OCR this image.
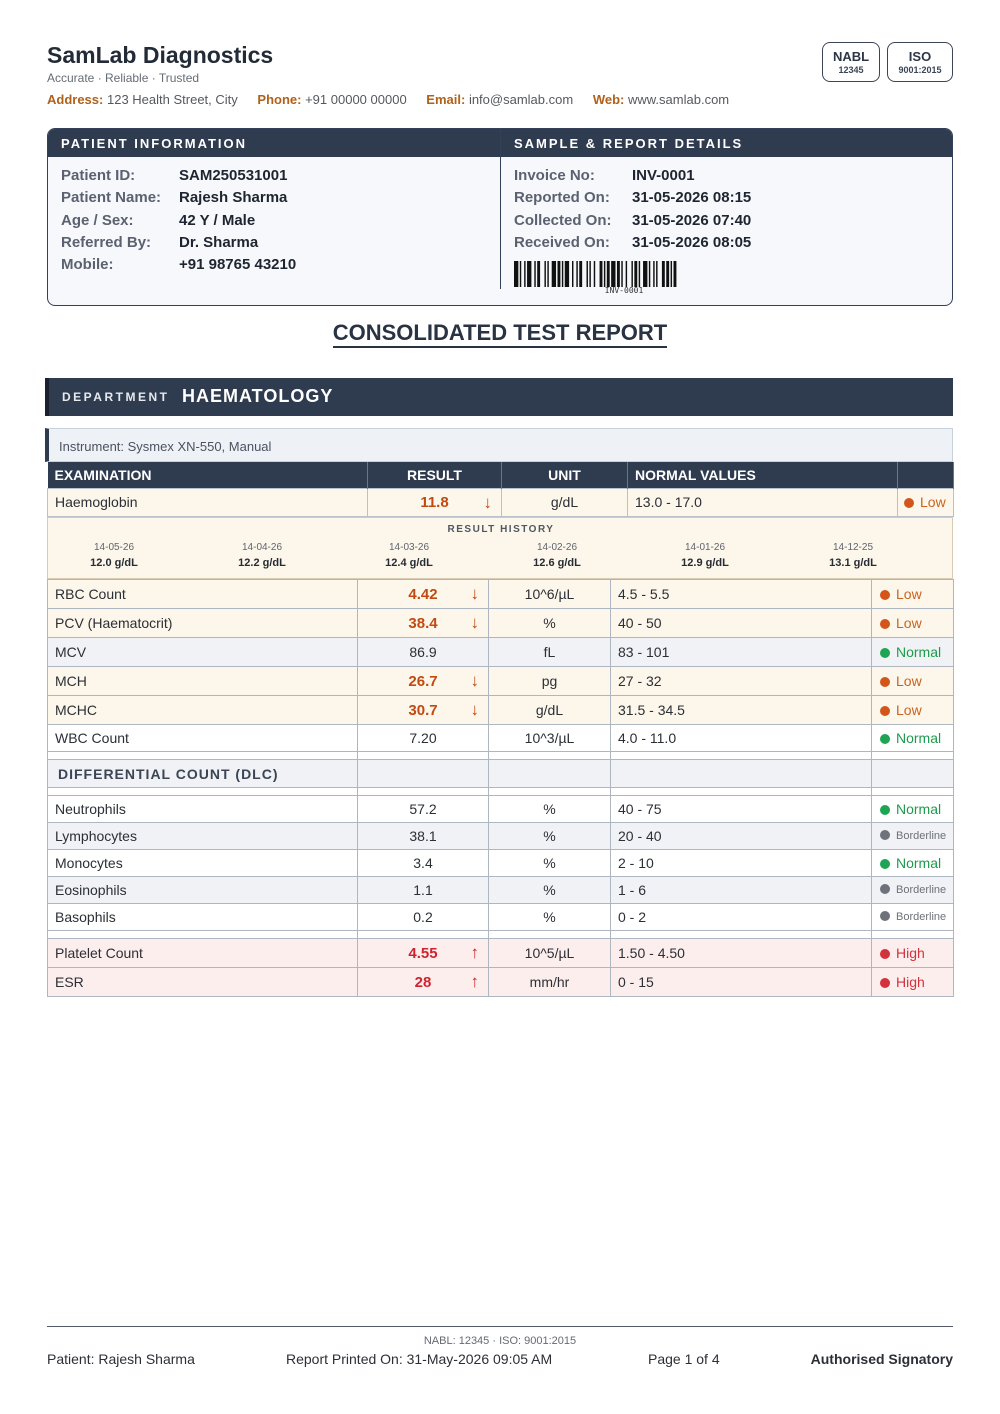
SamLab Diagnostics
Accurate · Reliable · Trusted
Address: 123 Health Street, City Phone: +91 00000 00000 Email: info@samlab.com Web: www.samlab.com
NABL
12345
ISO
9001:2015
PATIENT INFORMATION	SAMPLE & REPORT DETAILS
Patient ID:	SAM250531001
Patient Name: Rajesh Sharma
Age / Sex:	42 Y / Male
Referred By: Dr. Sharma
Mobile:	+91 98765 43210
Invoice No: INV-0001
Reported On: 31-05-2026 08:15
Collected On: 31-05-2026 07:40
Received On: 31-05-2026 08:05
INV-0001
CONSOLIDATED TEST REPORT
DEPARTMENT HAEMATOLOGY
Instrument: Sysmex XN-550, Manual
EXAMINATION	RESULT	UNIT	NORMAL VALUES	
Haemoglobin	11.8 ↓	g/dL	13.0 - 17.0	Low
RESULT HISTORY
14-05-26
12.0 g/dL
14-04-26
12.2 g/dL
14-03-26
12.4 g/dL
14-02-26
12.6 g/dL
14-01-26
12.9 g/dL
14-12-25
13.1 g/dL
RBC Count	4.42 ↓	10^6/µL	4.5 - 5.5	Low
PCV (Haematocrit)	38.4 ↓	%	40 - 50	Low
MCV	86.9	fL	83 - 101	Normal
MCH	26.7 ↓	pg	27 - 32	Low
MCHC	30.7 ↓	g/dL	31.5 - 34.5	Low
WBC Count	7.20	10^3/µL	4.0 - 11.0	Normal

DIFFERENTIAL COUNT (DLC)				

Neutrophils	57.2	%	40 - 75	Normal
Lymphocytes	38.1	%	20 - 40	Borderline
Monocytes	3.4	%	2 - 10	Normal
Eosinophils	1.1	%	1 - 6	Borderline
Basophils	0.2	%	0 - 2	Borderline

Platelet Count	4.55 ↑	10^5/µL	1.50 - 4.50	High
ESR	28 ↑	mm/hr	0 - 15	High
NABL: 12345 · ISO: 9001:2015
Patient: Rajesh Sharma	Report Printed On: 31-May-2026 09:05 AM	Page 1 of 4	Authorised Signatory
